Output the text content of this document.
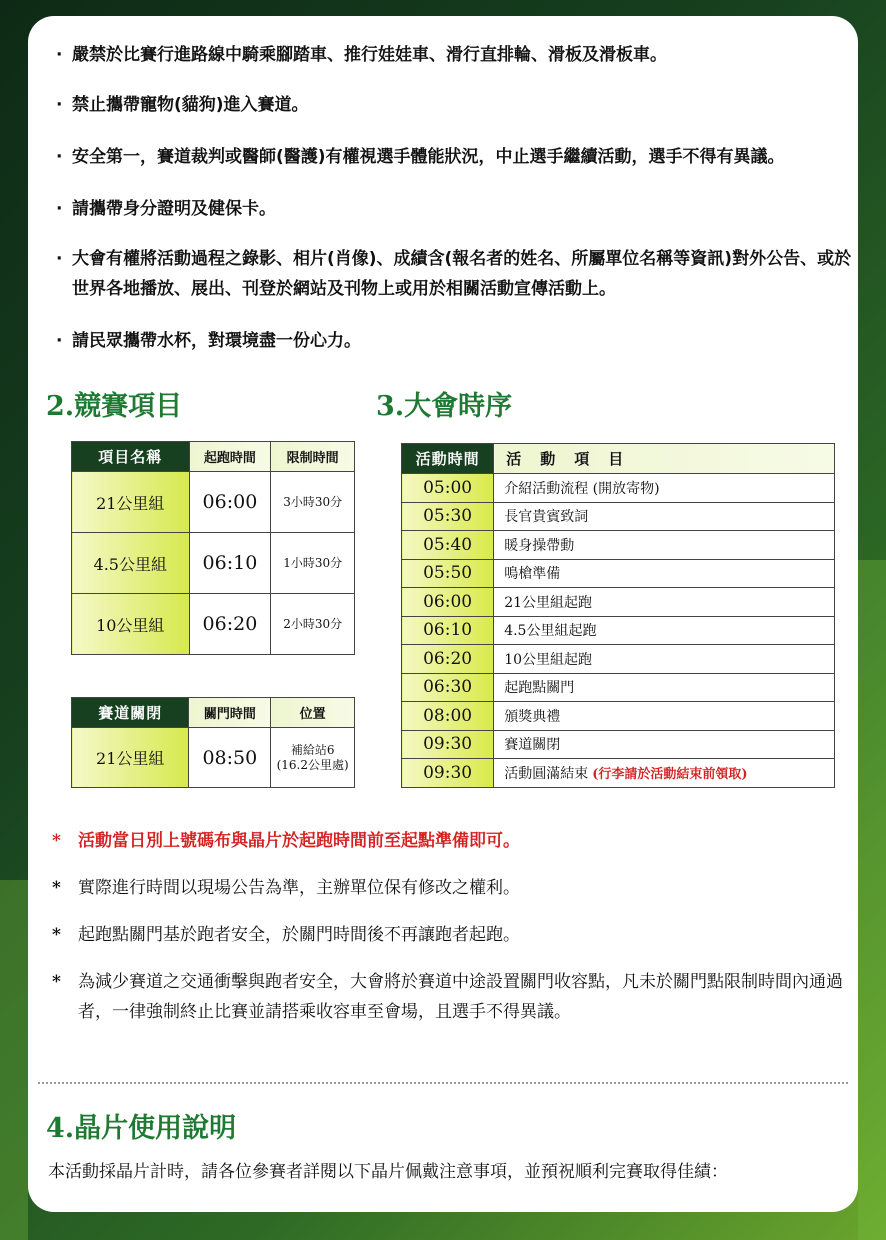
· 嚴禁於比賽行進路線中騎乘腳踏車、推行娃娃車、滑行直排輪、滑板及滑板車。
· 禁止攜帶寵物(貓狗)進入賽道。
· 安全第一，賽道裁判或醫師(醫護)有權視選手體能狀況，中止選手繼續活動，選手不得有異議。
· 請攜帶身分證明及健保卡。
· 大會有權將活動過程之錄影、相片(肖像)、成績含(報名者的姓名、所屬單位名稱等資訊)對外公告、或於世界各地播放、展出、刊登於網站及刊物上或用於相關活動宣傳活動上。
· 請民眾攜帶水杯，對環境盡一份心力。
2.競賽項目	3.大會時序
項目名稱	起跑時間	限制時間
21公里組	06:00	3小時30分
4.5公里組	06:10	1小時30分
10公里組	06:20	2小時30分
賽道關閉	關門時間	位置
21公里組	08:50	補給站6
(16.2公里處)
活動時間	活　動　項　目
05:00	介紹活動流程 (開放寄物)
05:30	長官貴賓致詞
05:40	暖身操帶動
05:50	鳴槍準備
06:00	21公里組起跑
06:10	4.5公里組起跑
06:20	10公里組起跑
06:30	起跑點關門
08:00	頒獎典禮
09:30	賽道關閉
09:30	活動圓滿結束 (行李請於活動結束前領取)
* 活動當日別上號碼布與晶片於起跑時間前至起點準備即可。
* 實際進行時間以現場公告為準，主辦單位保有修改之權利。
* 起跑點關門基於跑者安全，於關門時間後不再讓跑者起跑。
* 為減少賽道之交通衝擊與跑者安全，大會將於賽道中途設置關門收容點，凡未於關門點限制時間內通過者，一律強制終止比賽並請搭乘收容車至會場，且選手不得異議。
4.晶片使用說明
本活動採晶片計時，請各位參賽者詳閱以下晶片佩戴注意事項，並預祝順利完賽取得佳績：
